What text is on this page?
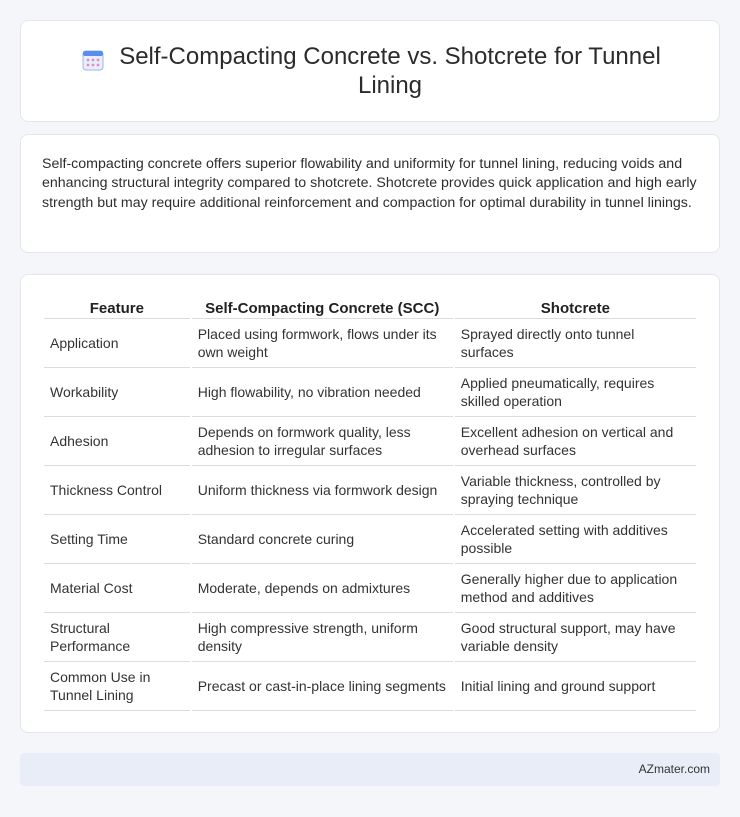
Self-Compacting Concrete vs. Shotcrete for Tunnel Lining

Self-compacting concrete offers superior flowability and uniformity for tunnel lining, reducing voids and enhancing structural integrity compared to shotcrete. Shotcrete provides quick application and high early strength but may require additional reinforcement and compaction for optimal durability in tunnel linings.

Feature	Self-Compacting Concrete (SCC)	Shotcrete
Application	Placed using formwork, flows under its own weight	Sprayed directly onto tunnel surfaces
Workability	High flowability, no vibration needed	Applied pneumatically, requires skilled operation
Adhesion	Depends on formwork quality, less adhesion to irregular surfaces	Excellent adhesion on vertical and overhead surfaces
Thickness Control	Uniform thickness via formwork design	Variable thickness, controlled by spraying technique
Setting Time	Standard concrete curing	Accelerated setting with additives possible
Material Cost	Moderate, depends on admixtures	Generally higher due to application method and additives
Structural Performance	High compressive strength, uniform density	Good structural support, may have variable density
Common Use in Tunnel Lining	Precast or cast-in-place lining segments	Initial lining and ground support
AZmater.com
